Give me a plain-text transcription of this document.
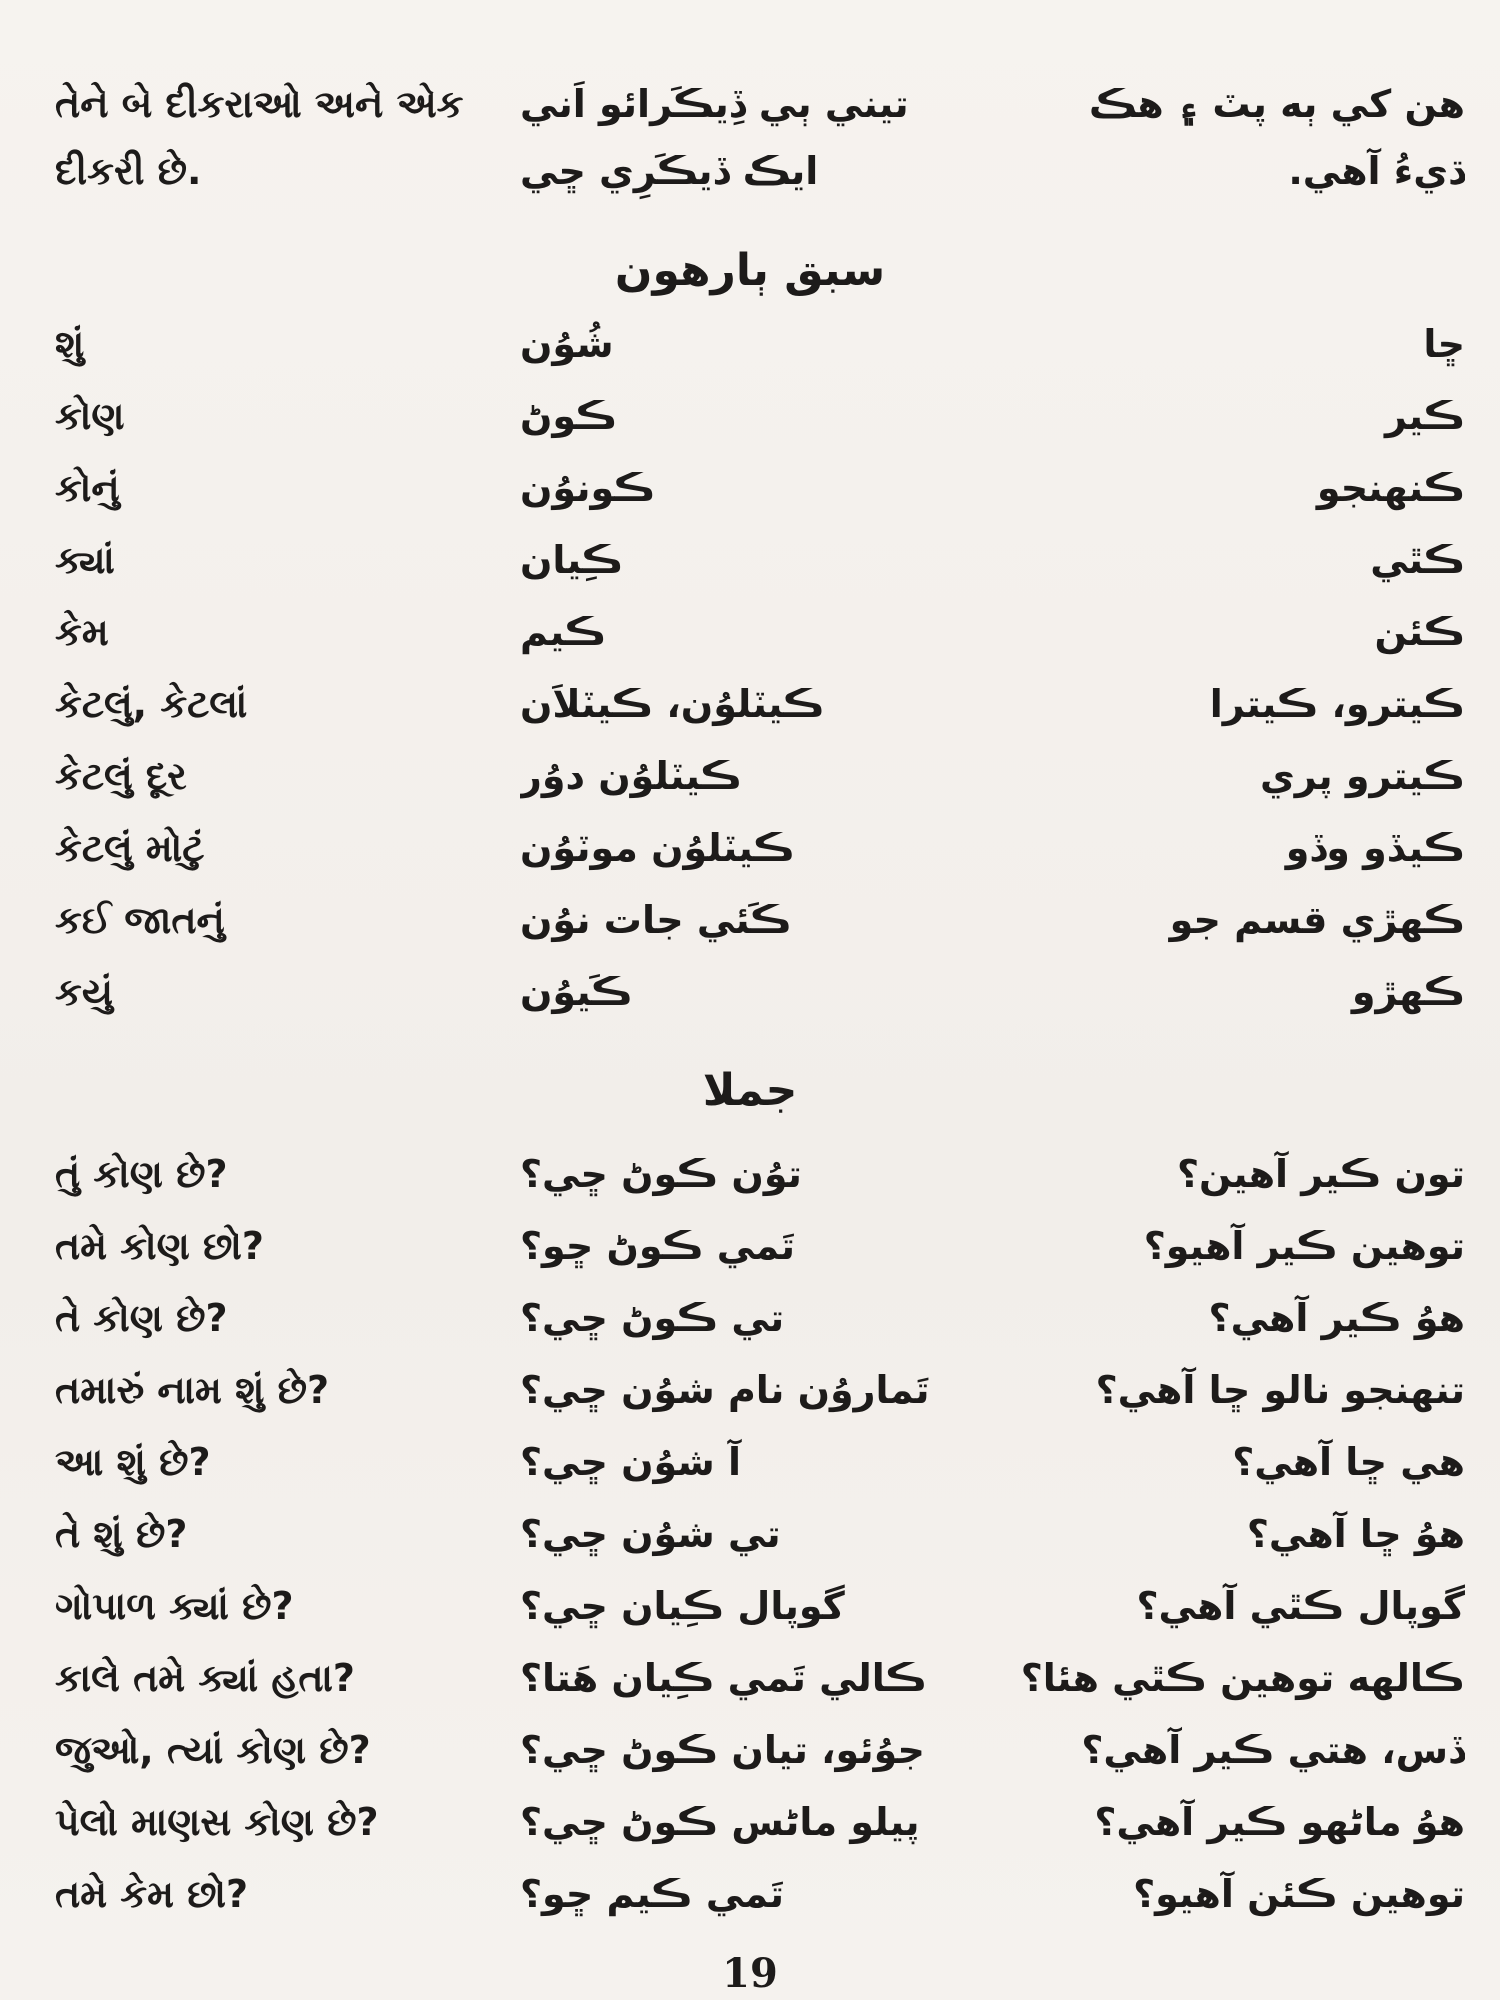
તેને બે દીકરાઓ અને એક	تيني ٻي ڏِيڪَرائو اَني	هن کي ٻه پٽ ۽ هڪ
દીકરી છે.	ايڪ ڏيڪَرِي ڇي	ڌيءُ آهي.
سبق ٻارهون
શું	شُوُن	ڇا
કોણ	ڪوڻ	ڪير
કોનું	ڪونوُن	ڪنهنجو
ક્યાં	ڪِيان	ڪٿي
કેમ	ڪيم	ڪئن
કેટલું, કેટલાં	ڪيٽلوُن، ڪيٽلاَن	ڪيترو، ڪيترا
કેટલું દૂર	ڪيٽلوُن دوُر	ڪيترو پري
કેટલું મોટું	ڪيٽلوُن موٽوُن	ڪيڏو وڏو
કઈ જાતનું	ڪَئي جات نوُن	ڪهڙي قسم جو
કયું	ڪَيوُن	ڪهڙو
جملا
તું કોણ છે?	توُن ڪوڻ ڇي؟	تون ڪير آهين؟
તમે કોણ છો?	تَمي ڪوڻ ڇو؟	توهين ڪير آهيو؟
તે કોણ છે?	تي ڪوڻ ڇي؟	هوُ ڪير آهي؟
તમારું નામ શું છે?	تَماروُن نام شوُن ڇي؟	تنهنجو نالو ڇا آهي؟
આ શું છે?	آ شوُن ڇي؟	هي ڇا آهي؟
તે શું છે?	تي شوُن ڇي؟	هوُ ڇا آهي؟
ગોપાળ ક્યાં છે?	گوپال ڪِيان ڇي؟	گوپال ڪٿي آهي؟
કાલે તમે ક્યાં હતા?	ڪالي تَمي ڪِيان هَتا؟	ڪالهه توهين ڪٿي هئا؟
જુઓ, ત્યાં કોણ છે?	جوُئو، تيان ڪوڻ ڇي؟	ڏس، هتي ڪير آهي؟
પેલો માણસ કોણ છે?	پيلو ماڻس ڪوڻ ڇي؟	هوُ ماڻهو ڪير آهي؟
તમે કેમ છો?	تَمي ڪيم ڇو؟	توهين ڪئن آهيو؟
19
